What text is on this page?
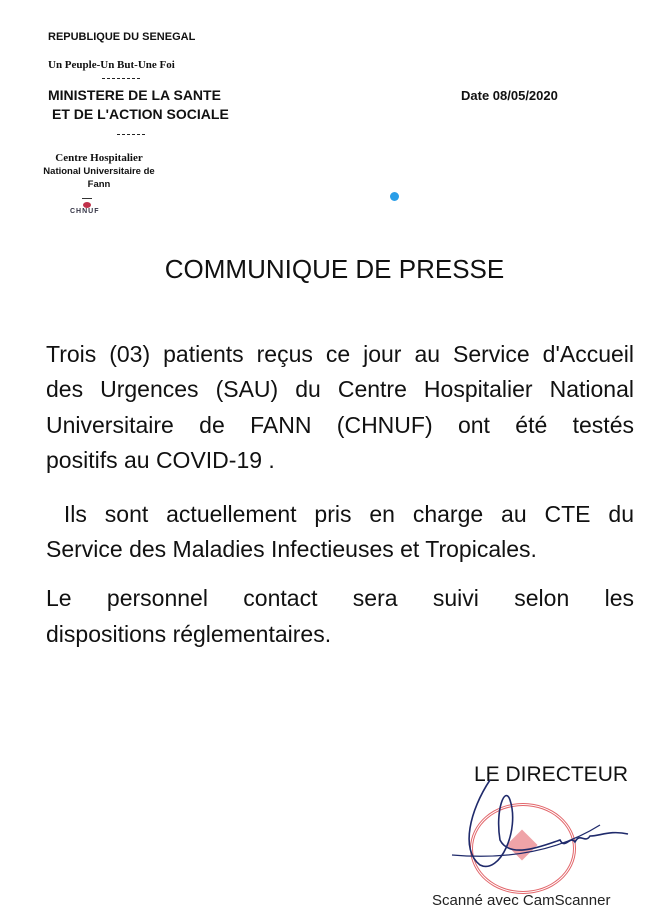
REPUBLIQUE DU SENEGAL
Un Peuple-Un But-Une Foi
MINISTERE DE LA SANTE
ET DE L'ACTION SOCIALE
Centre Hospitalier
National Universitaire de
Fann
CHNUF
Date 08/05/2020
COMMUNIQUE DE PRESSE
Trois (03) patients reçus ce jour au Service d'Accueil
des Urgences (SAU) du Centre Hospitalier National
Universitaire de FANN (CHNUF) ont été testés
positifs au COVID-19 .
Ils sont actuellement pris en charge au CTE du
Service des Maladies Infectieuses et Tropicales.
Le personnel contact sera suivi selon les
dispositions réglementaires.
LE DIRECTEUR
Scanné avec CamScanner
